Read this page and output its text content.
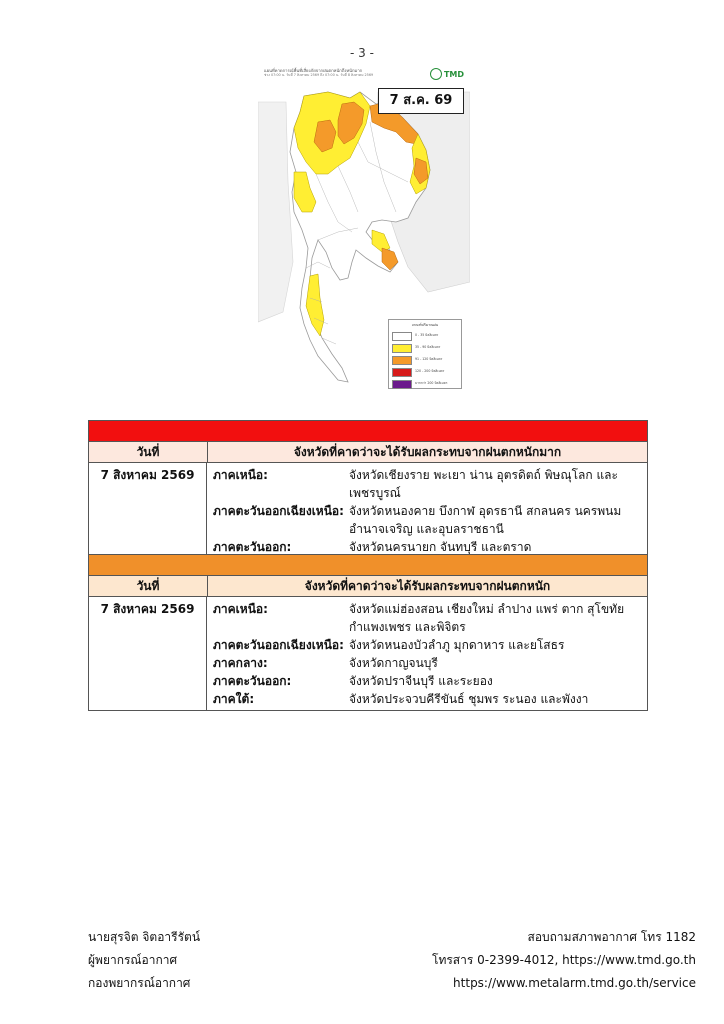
- 3 -
แผนที่คาดการณ์พื้นที่เสี่ยงภัยจากฝนตกหนักถึงหนักมาก
ช่วง 07:00 น. วันที่ 7 สิงหาคม 2569 ถึง 07:00 น. วันที่ 8 สิงหาคม 2569	TMD
7 ส.ค. 69
เกณฑ์ปริมาณฝน
0 - 35 มิลลิเมตร
35 - 90 มิลลิเมตร
91 - 120 มิลลิเมตร
120 - 200 มิลลิเมตร
มากกว่า 200 มิลลิเมตร
วันที่	จังหวัดที่คาดว่าจะได้รับผลกระทบจากฝนตกหนักมาก
7 สิงหาคม 2569	ภาคเหนือ:	จังหวัดเชียงราย พะเยา น่าน อุตรดิตถ์ พิษณุโลก และเพชรบูรณ์
ภาคตะวันออกเฉียงเหนือ: จังหวัดหนองคาย บึงกาฬ อุดรธานี สกลนคร นครพนม อำนาจเจริญ และอุบลราชธานี
ภาคตะวันออก:	จังหวัดนครนายก จันทบุรี และตราด
วันที่	จังหวัดที่คาดว่าจะได้รับผลกระทบจากฝนตกหนัก
7 สิงหาคม 2569	ภาคเหนือ:	จังหวัดแม่ฮ่องสอน เชียงใหม่ ลำปาง แพร่ ตาก สุโขทัย กำแพงเพชร และพิจิตร
ภาคตะวันออกเฉียงเหนือ: จังหวัดหนองบัวลำภู มุกดาหาร และยโสธร
ภาคกลาง:	จังหวัดกาญจนบุรี
ภาคตะวันออก:	จังหวัดปราจีนบุรี และระยอง
ภาคใต้:	จังหวัดประจวบคีรีขันธ์ ชุมพร ระนอง และพังงา
นายสุรจิต จิตอารีรัตน์
ผู้พยากรณ์อากาศ
กองพยากรณ์อากาศ
สอบถามสภาพอากาศ โทร 1182
โทรสาร 0-2399-4012, https://www.tmd.go.th
https://www.metalarm.tmd.go.th/service
